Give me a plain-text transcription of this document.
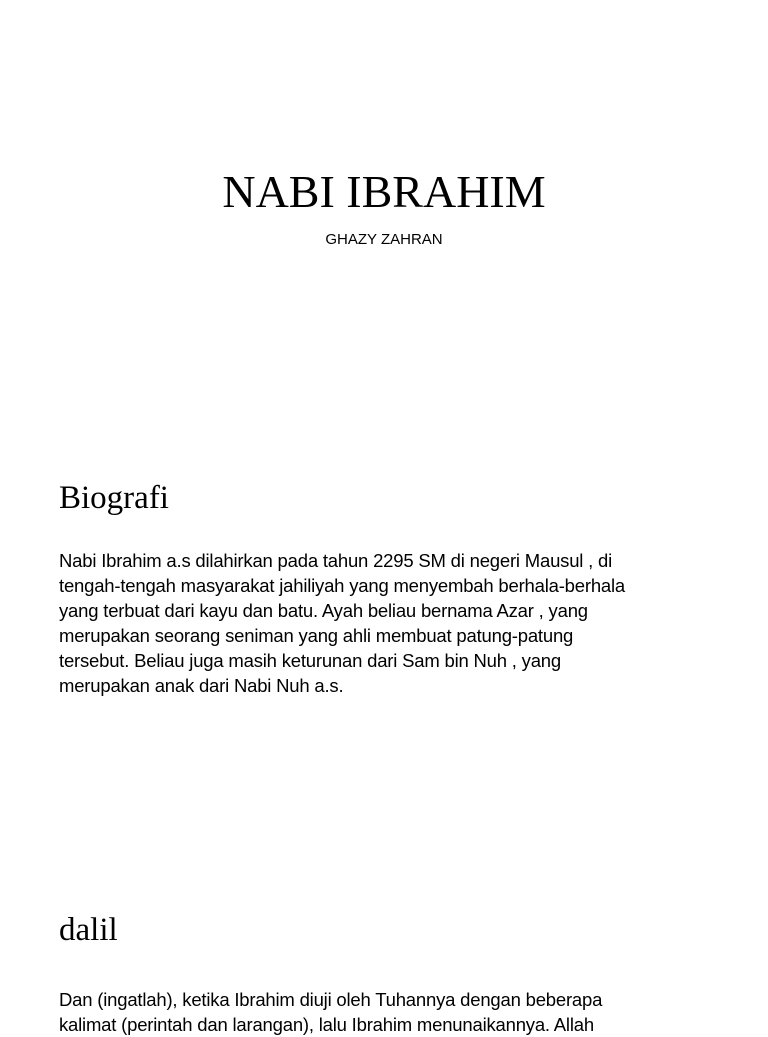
NABI IBRAHIM

GHAZY ZAHRAN

Biografi

Nabi Ibrahim a.s dilahirkan pada tahun 2295 SM di negeri Mausul , di
tengah-tengah masyarakat jahiliyah yang menyembah berhala-berhala
yang terbuat dari kayu dan batu. Ayah beliau bernama Azar , yang
merupakan seorang seniman yang ahli membuat patung-patung
tersebut. Beliau juga masih keturunan dari Sam bin Nuh , yang
merupakan anak dari Nabi Nuh a.s.

dalil

Dan (ingatlah), ketika Ibrahim diuji oleh Tuhannya dengan beberapa
kalimat (perintah dan larangan), lalu Ibrahim menunaikannya. Allah
